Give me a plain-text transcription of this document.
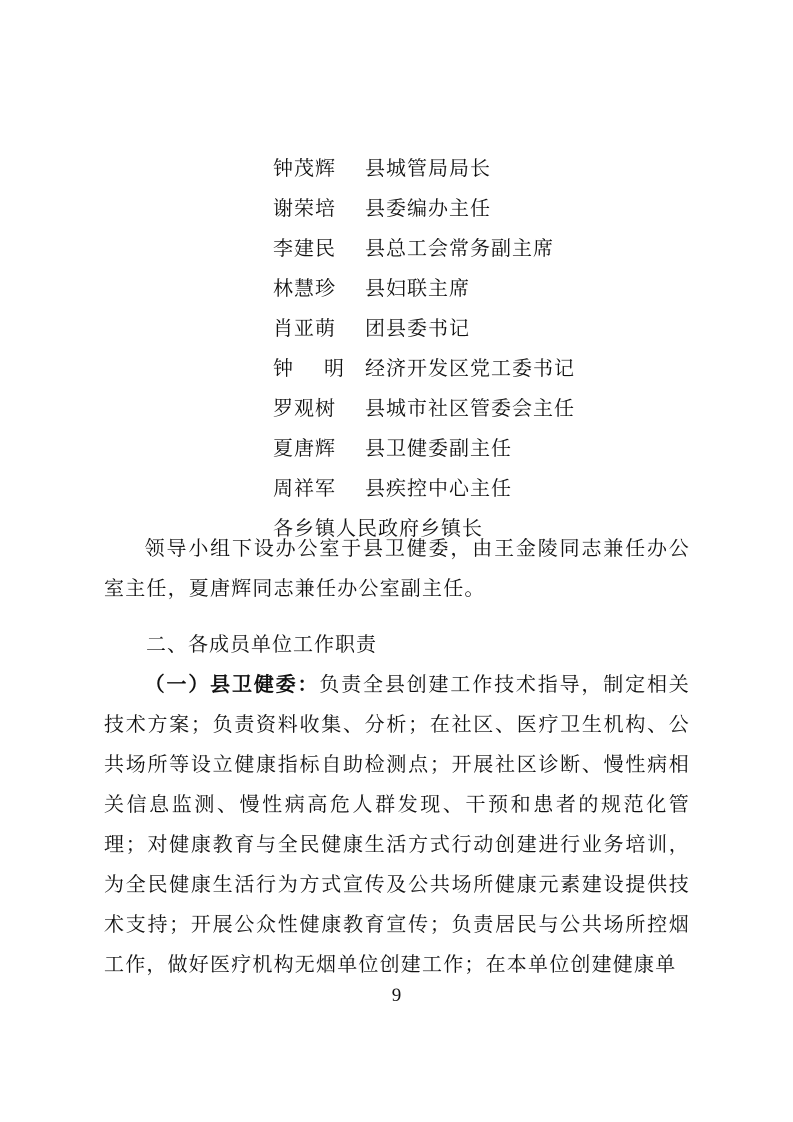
钟茂辉 县城管局局长
谢荣培 县委编办主任
李建民 县总工会常务副主席
林慧珍 县妇联主席
肖亚萌 团县委书记
钟 明 经济开发区党工委书记
罗观树 县城市社区管委会主任
夏唐辉 县卫健委副主任
周祥军 县疾控中心主任
各乡镇人民政府乡镇长

领导小组下设办公室于县卫健委，由王金陵同志兼任办公室主任，夏唐辉同志兼任办公室副主任。

二、各成员单位工作职责

（一）县卫健委：负责全县创建工作技术指导，制定相关技术方案；负责资料收集、分析；在社区、医疗卫生机构、公共场所等设立健康指标自助检测点；开展社区诊断、慢性病相关信息监测、慢性病高危人群发现、干预和患者的规范化管理；对健康教育与全民健康生活方式行动创建进行业务培训，为全民健康生活行为方式宣传及公共场所健康元素建设提供技术支持；开展公众性健康教育宣传；负责居民与公共场所控烟工作，做好医疗机构无烟单位创建工作；在本单位创建健康单

9
